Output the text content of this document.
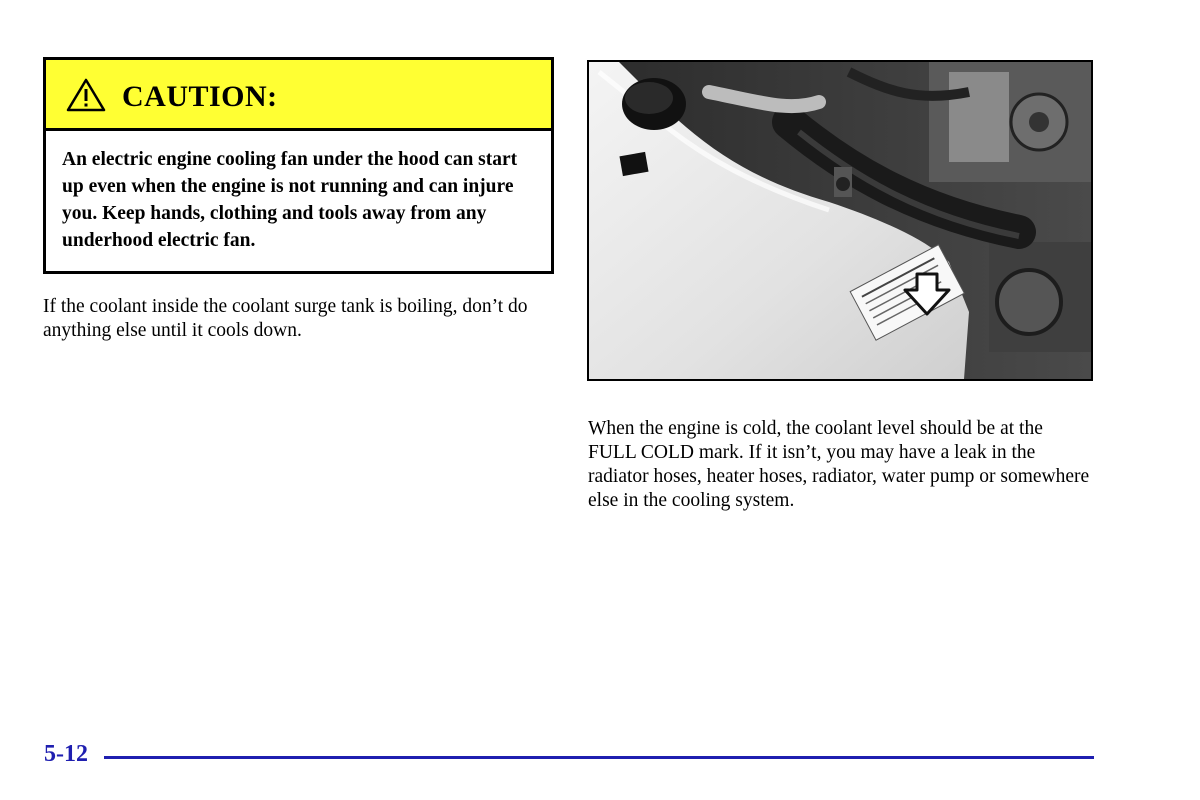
CAUTION:
An electric engine cooling fan under the hood can start up even when the engine is not running and can injure you. Keep hands, clothing and tools away from any underhood electric fan.
If the coolant inside the coolant surge tank is boiling, don’t do anything else until it cools down.
When the engine is cold, the coolant level should be at the FULL COLD mark. If it isn’t, you may have a leak in the radiator hoses, heater hoses, radiator, water pump or somewhere else in the cooling system.
5-12
